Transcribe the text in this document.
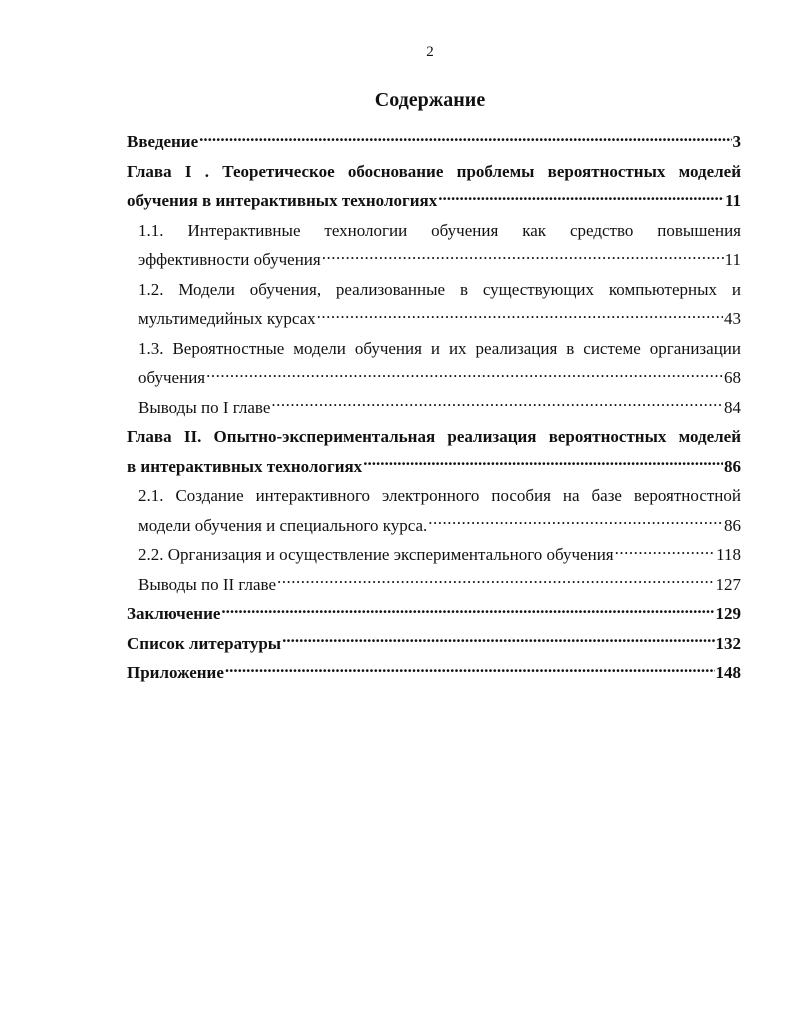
2
Содержание
Введение .....	3
Глава I . Теоретическое обоснование проблемы вероятностных моделей
обучения в интерактивных технологиях .....	11
1.1. Интерактивные технологии обучения как средство повышения
эффективности обучения .....	11
1.2. Модели обучения, реализованные в существующих компьютерных и
мультимедийных курсах .....	43
1.3. Вероятностные модели обучения и их реализация в системе организации
обучения .....	68
Выводы по I главе .....	84
Глава II. Опытно-экспериментальная реализация вероятностных моделей
в интерактивных технологиях .....	86
2.1. Создание интерактивного электронного пособия на базе вероятностной
модели обучения и специального курса. .....	86
2.2. Организация и осуществление экспериментального обучения .....	118
Выводы по II главе .....	127
Заключение .....	129
Список литературы .....	132
Приложение .....	148
